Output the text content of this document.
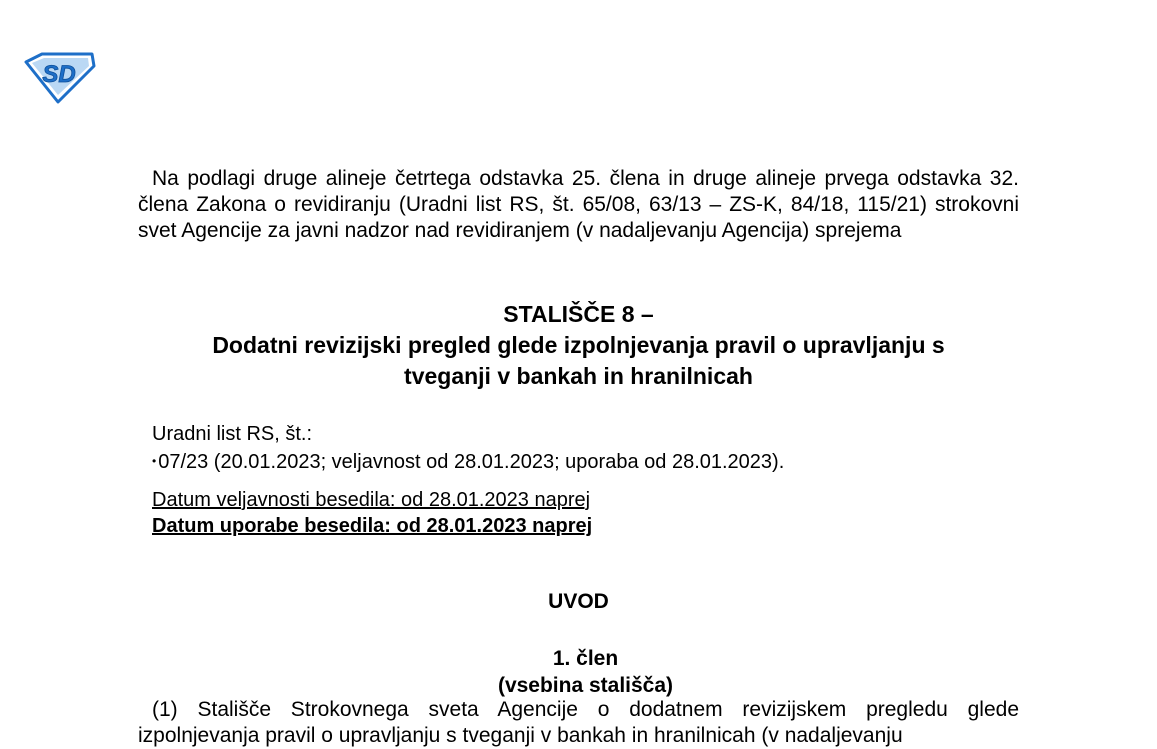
SD

Na podlagi druge alineje četrtega odstavka 25. člena in druge alineje prvega odstavka 32. člena Zakona o revidiranju (Uradni list RS, št. 65/08, 63/13 – ZS-K, 84/18, 115/21) strokovni svet Agencije za javni nadzor nad revidiranjem (v nadaljevanju Agencija) sprejema

STALIŠČE 8 –
Dodatni revizijski pregled glede izpolnjevanja pravil o upravljanju s
tveganji v bankah in hranilnicah
Uradni list RS, št.:
• 07/23 (20.01.2023; veljavnost od 28.01.2023; uporaba od 28.01.2023).
Datum veljavnosti besedila: od 28.01.2023 naprej
Datum uporabe besedila: od 28.01.2023 naprej
UVOD
1. člen
(vsebina stališča)

(1) Stališče Strokovnega sveta Agencije o dodatnem revizijskem pregledu glede izpolnjevanja pravil o upravljanju s tveganji v bankah in hranilnicah (v nadaljevanju
